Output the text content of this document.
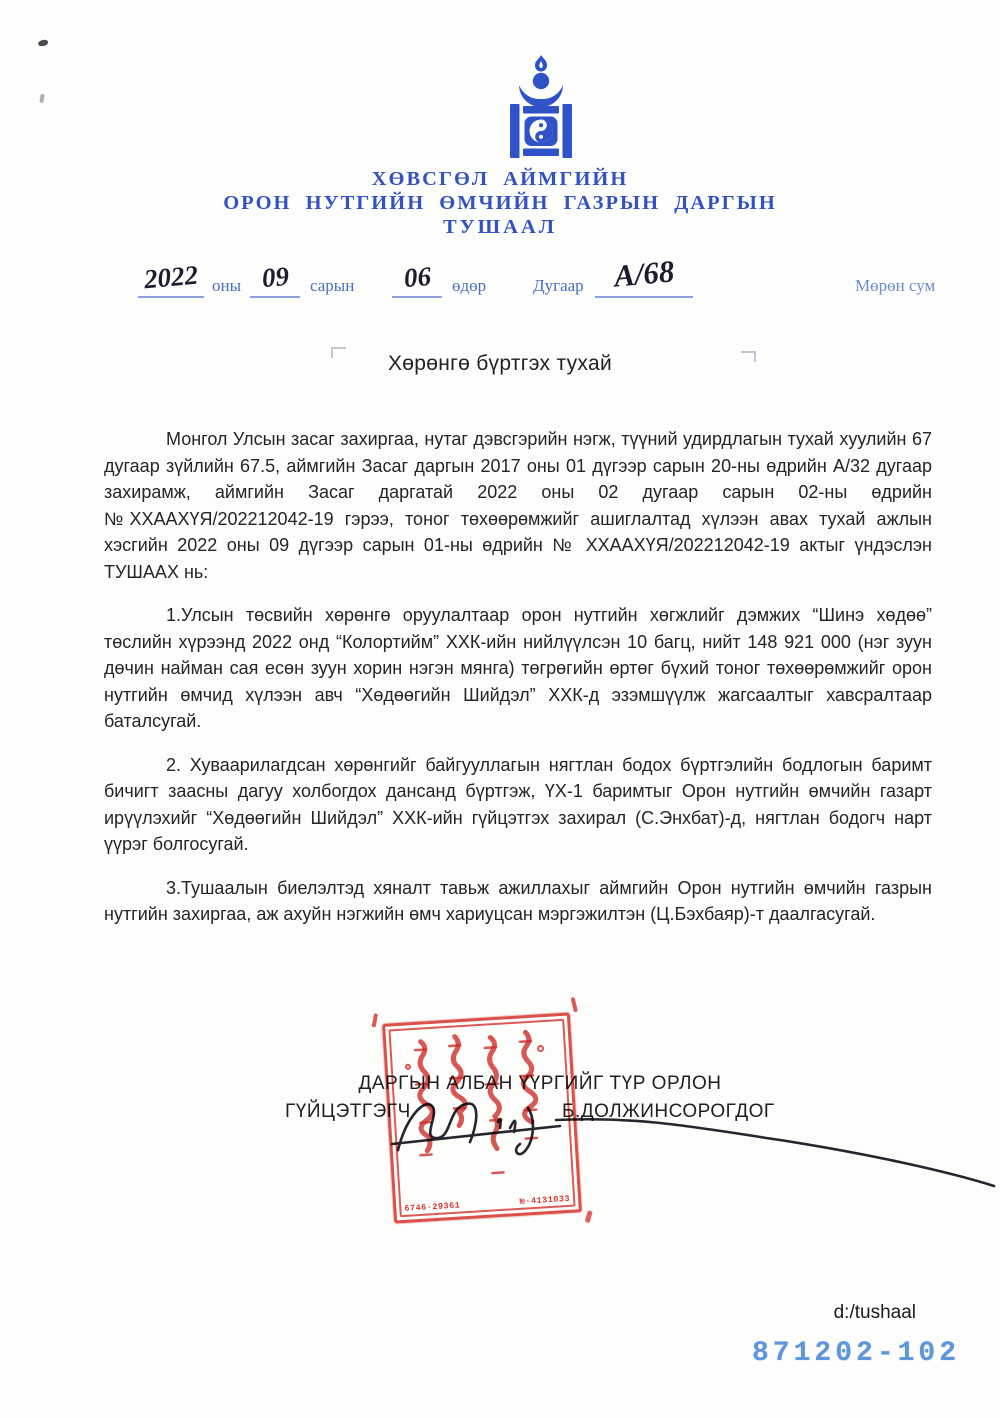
ХӨВСГӨЛ АЙМГИЙН
ОРОН НУТГИЙН ӨМЧИЙН ГАЗРЫН ДАРГЫН
ТУШААЛ
2022 оны 09	сарын	06	өдөр	Дугаар А/68	Мөрөн сум
Хөрөнгө бүртгэх тухай

Монгол Улсын засаг захиргаа, нутаг дэвсгэрийн нэгж, түүний удирдлагын тухай хуулийн 67 дугаар зүйлийн 67.5, аймгийн Засаг даргын 2017 оны 01 дүгээр сарын 20-ны өдрийн А/32 дугаар захирамж, аймгийн Засаг даргатай 2022 оны 02 дугаар сарын 02-ны өдрийн №ХХААХҮЯ/202212042-19 гэрээ, тоног төхөөрөмжийг ашиглалтад хүлээн авах тухай ажлын хэсгийн 2022 оны 09 дүгээр сарын 01-ны өдрийн № ХХААХҮЯ/202212042-19 актыг үндэслэн ТУШААХ нь:

1.Улсын төсвийн хөрөнгө оруулалтаар орон нутгийн хөгжлийг дэмжих “Шинэ хөдөө” төслийн хүрээнд 2022 онд “Колортийм” ХХК-ийн нийлүүлсэн 10 багц, нийт 148 921 000 (нэг зуун дөчин найман сая есөн зуун хорин нэгэн мянга) төгрөгийн өртөг бүхий тоног төхөөрөмжийг орон нутгийн өмчид хүлээн авч “Хөдөөгийн Шийдэл” ХХК-д эзэмшүүлж жагсаалтыг хавсралтаар баталсугай.

2. Хуваарилагдсан хөрөнгийг байгууллагын нягтлан бодох бүртгэлийн бодлогын баримт бичигт заасны дагуу холбогдох дансанд бүртгэж, ҮХ-1 баримтыг Орон нутгийн өмчийн газарт ирүүлэхийг “Хөдөөгийн Шийдэл” ХХК-ийн гүйцэтгэх захирал (С.Энхбат)-д, нягтлан бодогч нарт үүрэг болгосугай.

3.Тушаалын биелэлтэд хяналт тавьж ажиллахыг аймгийн Орон нутгийн өмчийн газрын нутгийн захиргаа, аж ахуйн нэгжийн өмч хариуцсан мэргэжилтэн (Ц.Бэхбаяр)-т даалгасугай.

6746·29361
№·4131033
ДАРГЫН АЛБАН ҮҮРГИЙГ ТҮР ОРЛОН
ГҮЙЦЭТГЭГЧ	Б.ДОЛЖИНСОРОГДОГ
d:/tushaal
871202-102
